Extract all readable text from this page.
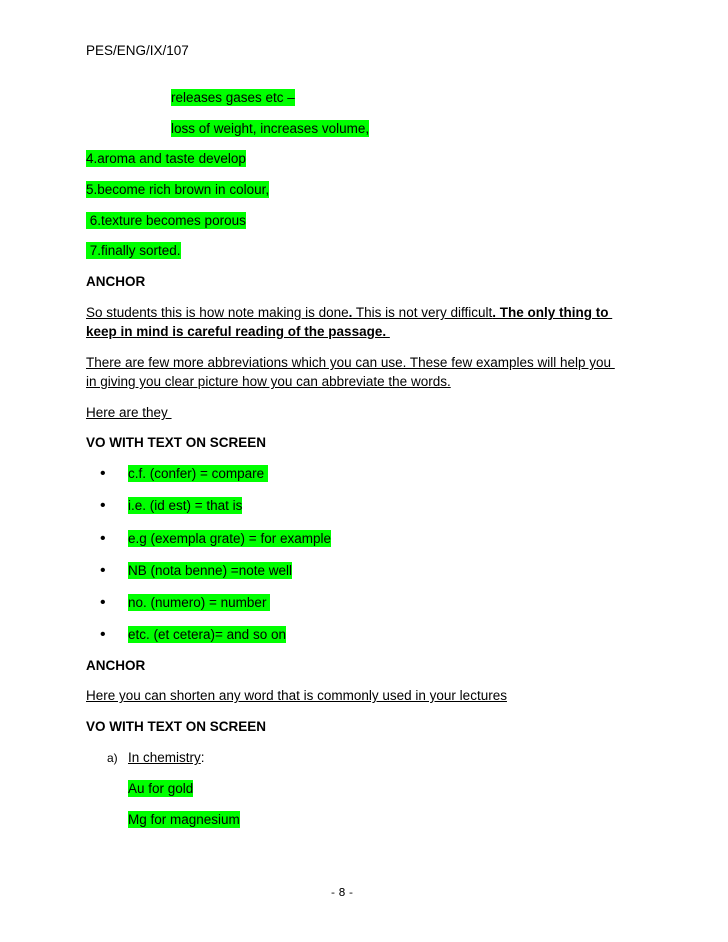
PES/ENG/IX/107
releases gases etc –
loss of weight, increases volume,
4.aroma and taste develop
5.become rich brown in colour,
6.texture becomes porous
7.finally sorted.
ANCHOR
So students this is how note making is done. This is not very difficult. The only thing to
keep in mind is careful reading of the passage.
There are few more abbreviations which you can use. These few examples will help you
in giving you clear picture how you can abbreviate the words.
Here are they
VO WITH TEXT ON SCREEN
• c.f. (confer) = compare
• i.e. (id est) = that is
• e.g (exempla grate) = for example
• NB (nota benne) =note well
• no. (numero) = number
• etc. (et cetera)= and so on
ANCHOR
Here you can shorten any word that is commonly used in your lectures
VO WITH TEXT ON SCREEN
a) In chemistry:
Au for gold
Mg for magnesium
- 8 -
